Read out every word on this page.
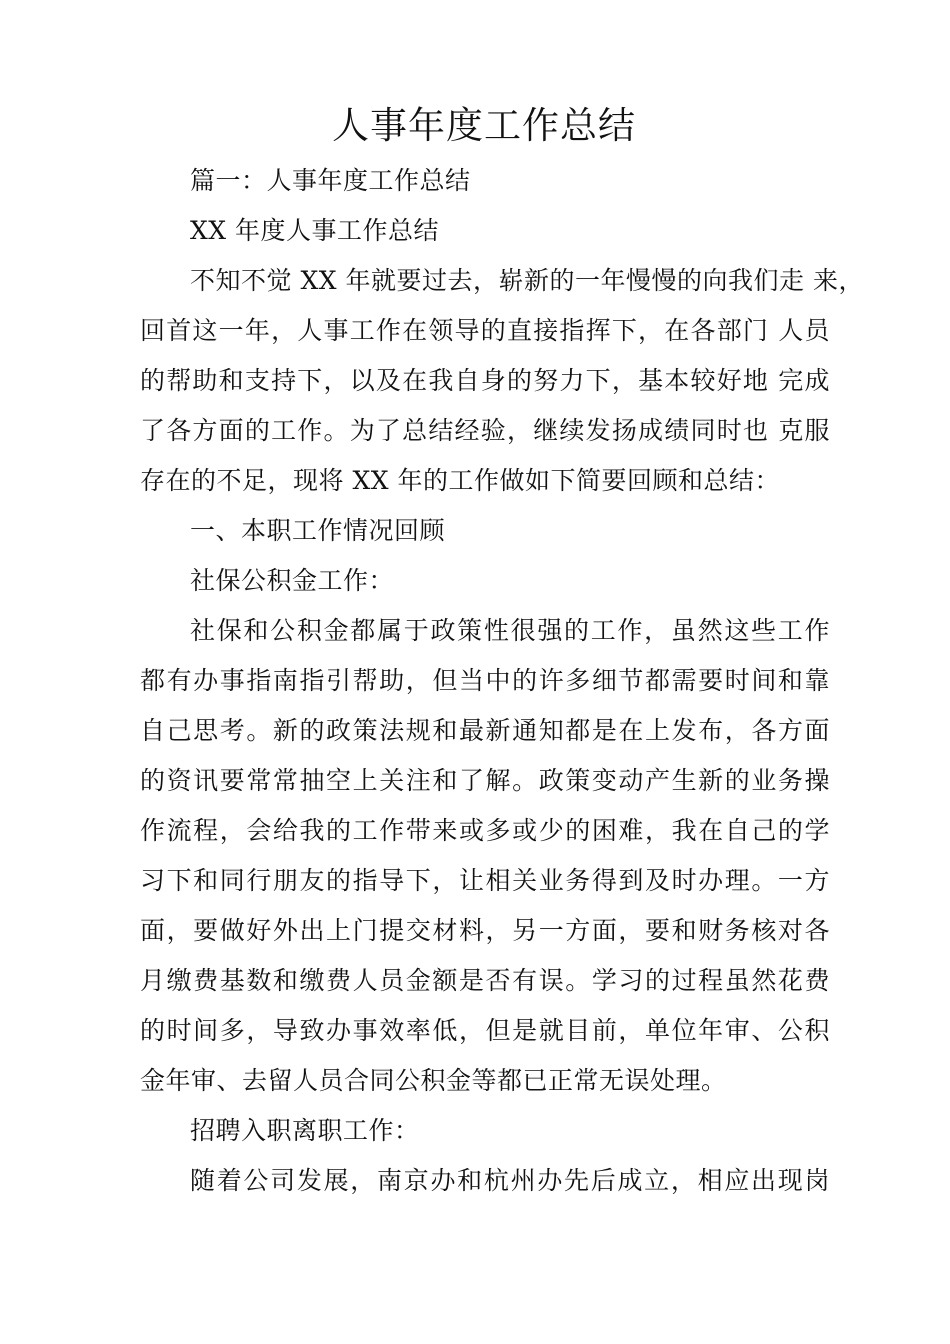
人事年度工作总结
篇一：人事年度工作总结
XX 年度人事工作总结
不知不觉 XX 年就要过去，崭新的一年慢慢的向我们走 来，
回首这一年，人事工作在领导的直接指挥下，在各部门 人员
的帮助和支持下，以及在我自身的努力下，基本较好地 完成
了各方面的工作。为了总结经验，继续发扬成绩同时也 克服
存在的不足，现将 XX 年的工作做如下简要回顾和总结：
一、本职工作情况回顾
社保公积金工作：
社保和公积金都属于政策性很强的工作，虽然这些工作
都有办事指南指引帮助，但当中的许多细节都需要时间和靠
自己思考。新的政策法规和最新通知都是在上发布，各方面
的资讯要常常抽空上关注和了解。政策变动产生新的业务操
作流程，会给我的工作带来或多或少的困难，我在自己的学
习下和同行朋友的指导下，让相关业务得到及时办理。一方
面，要做好外出上门提交材料，另一方面，要和财务核对各
月缴费基数和缴费人员金额是否有误。学习的过程虽然花费
的时间多，导致办事效率低，但是就目前，单位年审、公积
金年审、去留人员合同公积金等都已正常无误处理。
招聘入职离职工作：
随着公司发展，南京办和杭州办先后成立，相应出现岗
